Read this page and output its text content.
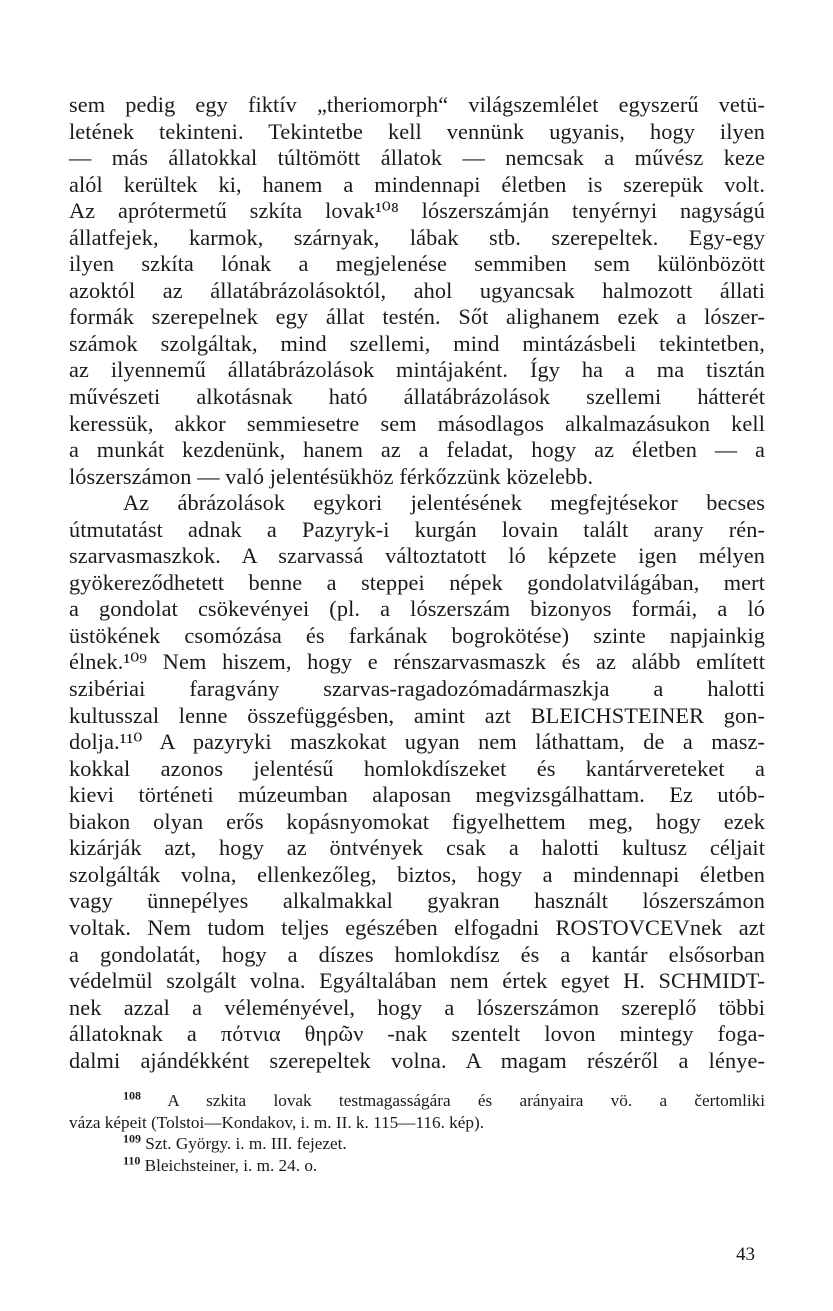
sem pedig egy fiktív „theriomorph“ világszemlélet egyszerű vetü-
letének tekinteni. Tekintetbe kell vennünk ugyanis, hogy ilyen
— más állatokkal túltömött állatok — nemcsak a művész keze
alól kerültek ki, hanem a mindennapi életben is szerepük volt.
Az aprótermetű szkíta lovak¹⁰⁸ lószerszámján tenyérnyi nagyságú
állatfejek, karmok, szárnyak, lábak stb. szerepeltek. Egy-egy
ilyen szkíta lónak a megjelenése semmiben sem különbözött
azoktól az állatábrázolásoktól, ahol ugyancsak halmozott állati
formák szerepelnek egy állat testén. Sőt alighanem ezek a lószer-
számok szolgáltak, mind szellemi, mind mintázásbeli tekintetben,
az ilyennemű állatábrázolások mintájaként. Így ha a ma tisztán
művészeti alkotásnak ható állatábrázolások szellemi hátterét
keressük, akkor semmiesetre sem másodlagos alkalmazásukon kell
a munkát kezdenünk, hanem az a feladat, hogy az életben — a
lószerszámon — való jelentésükhöz férkőzzünk közelebb.
Az ábrázolások egykori jelentésének megfejtésekor becses
útmutatást adnak a Pazyryk-i kurgán lovain talált arany rén-
szarvasmaszkok. A szarvassá változtatott ló képzete igen mélyen
gyökereződhetett benne a steppei népek gondolatvilágában, mert
a gondolat csökevényei (pl. a lószerszám bizonyos formái, a ló
üstökének csomózása és farkának bogrokötése) szinte napjainkig
élnek.¹⁰⁹ Nem hiszem, hogy e rénszarvasmaszk és az alább említett
szibériai faragvány szarvas-ragadozómadármaszkja a halotti
kultusszal lenne összefüggésben, amint azt BLEICHSTEINER gon-
dolja.¹¹⁰ A pazyryki maszkokat ugyan nem láthattam, de a masz-
kokkal azonos jelentésű homlokdíszeket és kantárvereteket a
kievi történeti múzeumban alaposan megvizsgálhattam. Ez utób-
biakon olyan erős kopásnyomokat figyelhettem meg, hogy ezek
kizárják azt, hogy az öntvények csak a halotti kultusz céljait
szolgálták volna, ellenkezőleg, biztos, hogy a mindennapi életben
vagy ünnepélyes alkalmakkal gyakran használt lószerszámon
voltak. Nem tudom teljes egészében elfogadni ROSTOVCEVnek azt
a gondolatát, hogy a díszes homlokdísz és a kantár elsősorban
védelmül szolgált volna. Egyáltalában nem értek egyet H. SCHMIDT-
nek azzal a véleményével, hogy a lószerszámon szereplő többi
állatoknak a πότνια θηρῶν -nak szentelt lovon mintegy foga-
dalmi ajándékként szerepeltek volna. A magam részéről a lénye-
$^{108}$ A szkita lovak testmagasságára és arányaira vö. a čertomliki
váza képeit (Tolstoi—Kondakov, i. m. II. k. 115—116. kép).
$^{109}$ Szt. György. i. m. III. fejezet.
$^{110}$ Bleichsteiner, i. m. 24. o.
43
